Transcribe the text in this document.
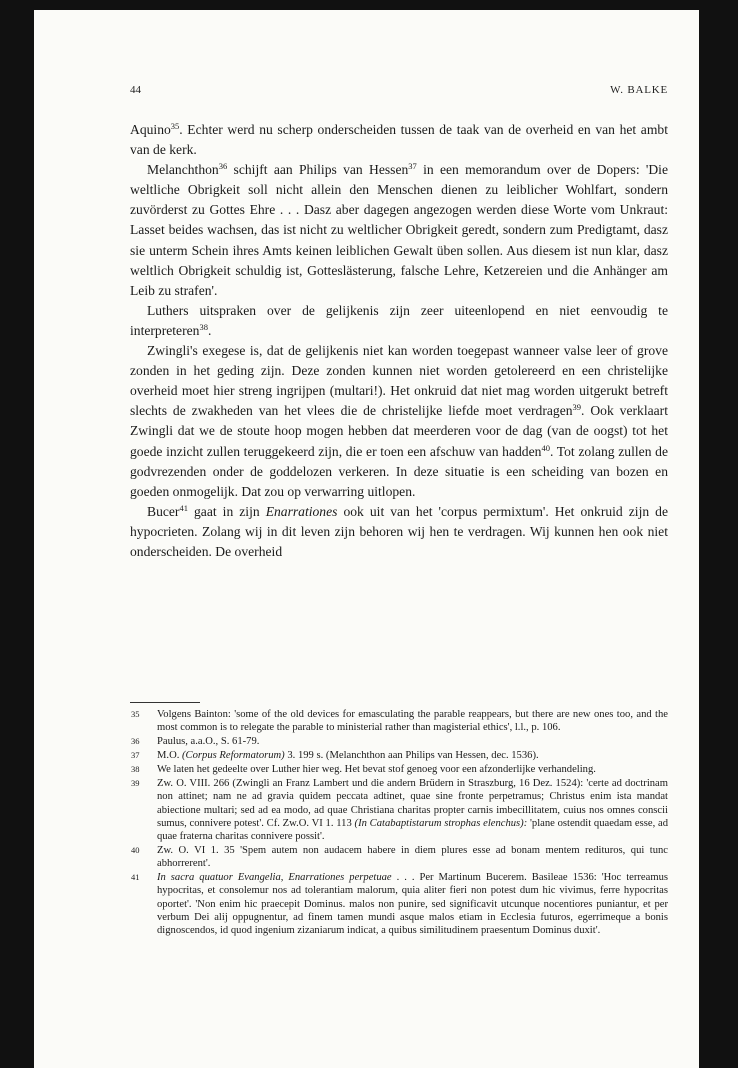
44	W. BALKE

Aquino$^{35}$. Echter werd nu scherp onderscheiden tussen de taak van de overheid en van het ambt van de kerk.

Melanchthon$^{36}$ schijft aan Philips van Hessen$^{37}$ in een memorandum over de Dopers: 'Die weltliche Obrigkeit soll nicht allein den Menschen dienen zu leiblicher Wohlfart, sondern zuvörderst zu Gottes Ehre . . . Dasz aber dagegen angezogen werden diese Worte vom Unkraut: Lasset beides wachsen, das ist nicht zu weltlicher Obrigkeit geredt, sondern zum Predigtamt, dasz sie unterm Schein ihres Amts keinen leiblichen Gewalt üben sollen. Aus diesem ist nun klar, dasz weltlich Obrigkeit schuldig ist, Gotteslästerung, falsche Lehre, Ketzereien und die Anhänger am Leib zu strafen'.

Luthers uitspraken over de gelijkenis zijn zeer uiteenlopend en niet eenvoudig te interpreteren$^{38}$.

Zwingli's exegese is, dat de gelijkenis niet kan worden toegepast wanneer valse leer of grove zonden in het geding zijn. Deze zonden kunnen niet worden getolereerd en een christelijke overheid moet hier streng ingrijpen (multari!). Het onkruid dat niet mag worden uitgerukt betreft slechts de zwakheden van het vlees die de christelijke liefde moet verdragen$^{39}$. Ook verklaart Zwingli dat we de stoute hoop mogen hebben dat meerderen voor de dag (van de oogst) tot het goede inzicht zullen teruggekeerd zijn, die er toen een afschuw van hadden$^{40}$. Tot zolang zullen de godvrezenden onder de goddelozen verkeren. In deze situatie is een scheiding van bozen en goeden onmogelijk. Dat zou op verwarring uitlopen.

Bucer$^{41}$ gaat in zijn Enarrationes ook uit van het 'corpus permixtum'. Het onkruid zijn de hypocrieten. Zolang wij in dit leven zijn behoren wij hen te verdragen. Wij kunnen hen ook niet onderscheiden. De overheid

35 Volgens Bainton: 'some of the old devices for emasculating the parable reappears, but there are new ones too, and the most common is to relegate the parable to ministerial rather than magisterial ethics', l.l., p. 106.
36 Paulus, a.a.O., S. 61-79.
37 M.O. (Corpus Reformatorum) 3. 199 s. (Melanchthon aan Philips van Hessen, dec. 1536).
38 We laten het gedeelte over Luther hier weg. Het bevat stof genoeg voor een afzonderlijke verhandeling.
39 Zw. O. VIII. 266 (Zwingli an Franz Lambert und die andern Brüdern in Straszburg, 16 Dez. 1524): 'certe ad doctrinam non attinet; nam ne ad gravia quidem peccata adtinet, quae sine fronte perpetramus; Christus enim ista mandat abiectione multari; sed ad ea modo, ad quae Christiana charitas propter carnis imbecillitatem, cuius nos omnes conscii sumus, connivere potest'. Cf. Zw.O. VI 1. 113 (In Catabaptistarum strophas elenchus): 'plane ostendit quaedam esse, ad quae fraterna charitas connivere possit'.
40 Zw. O. VI 1. 35 'Spem autem non audacem habere in diem plures esse ad bonam mentem redituros, qui tunc abhorrerent'.
41 In sacra quatuor Evangelia, Enarrationes perpetuae . . . Per Martinum Bucerem. Basileae 1536: 'Hoc terreamus hypocritas, et consolemur nos ad tolerantiam malorum, quia aliter fieri non potest dum hic vivimus, ferre hypocritas oportet'. 'Non enim hic praecepit Dominus. malos non punire, sed significavit utcunque nocentiores puniantur, et per verbum Dei alij oppugnentur, ad finem tamen mundi asque malos etiam in Ecclesia futuros, egerrimeque a bonis dignoscendos, id quod ingenium zizaniarum indicat, a quibus similitudinem praesentum Dominus duxit'.
